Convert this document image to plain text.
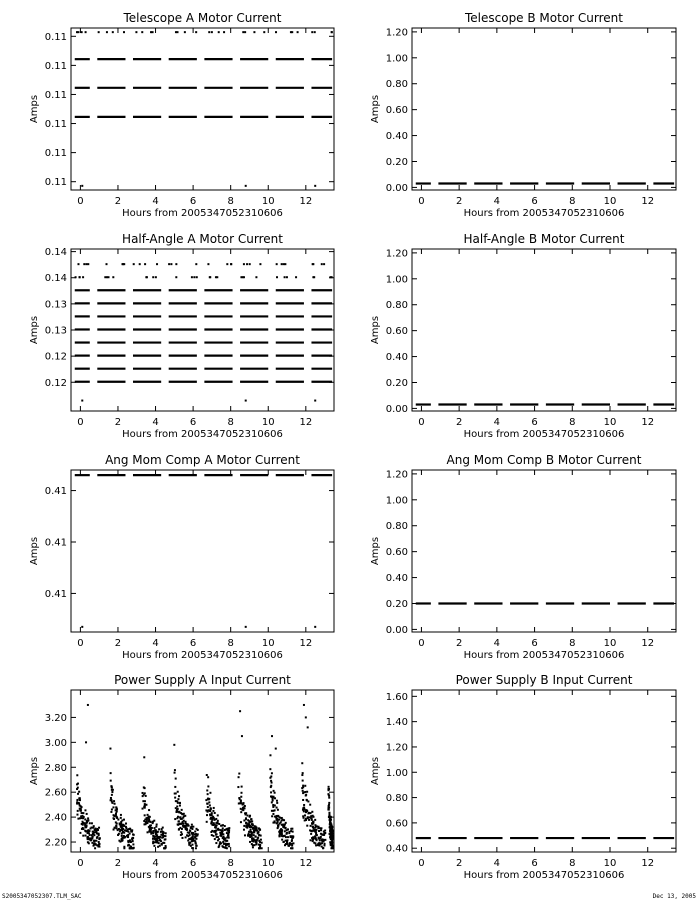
Telescope A Motor Current
0	2	4	6	8	10 12
0.11
0.11
0.11
0.11
0.11
0.11
Hours from 2005347052310606
Amps
Telescope B Motor Current
0	2	4	6	8	10 12
0.00
0.20
0.40
0.60
0.80
1.00
1.20
Hours from 2005347052310606
Amps
Half-Angle A Motor Current
0	2	4	6	8	10 12
0.12
0.12
0.13
0.13
0.14
0.14
Hours from 2005347052310606
Amps
Half-Angle B Motor Current
0	2	4	6	8	10 12
0.00
0.20
0.40
0.60
0.80
1.00
1.20
Hours from 2005347052310606
Amps
Ang Mom Comp A Motor Current
0	2	4	6	8	10 12
0.41
0.41
0.41
Hours from 2005347052310606
Amps
Ang Mom Comp B Motor Current
0	2	4	6	8	10 12
0.00
0.20
0.40
0.60
0.80
1.00
1.20
Hours from 2005347052310606
Amps
Power Supply A Input Current
0	2	4	6	8	10 12
2.20
2.40
2.60
2.80
3.00
3.20
Hours from 2005347052310606
Amps
Power Supply B Input Current
0	2	4	6	8	10 12
0.40
0.60
0.80
1.00
1.20
1.40
1.60
Hours from 2005347052310606
Amps
S2005347052307.TLM_SAC	Dec 13, 2005
